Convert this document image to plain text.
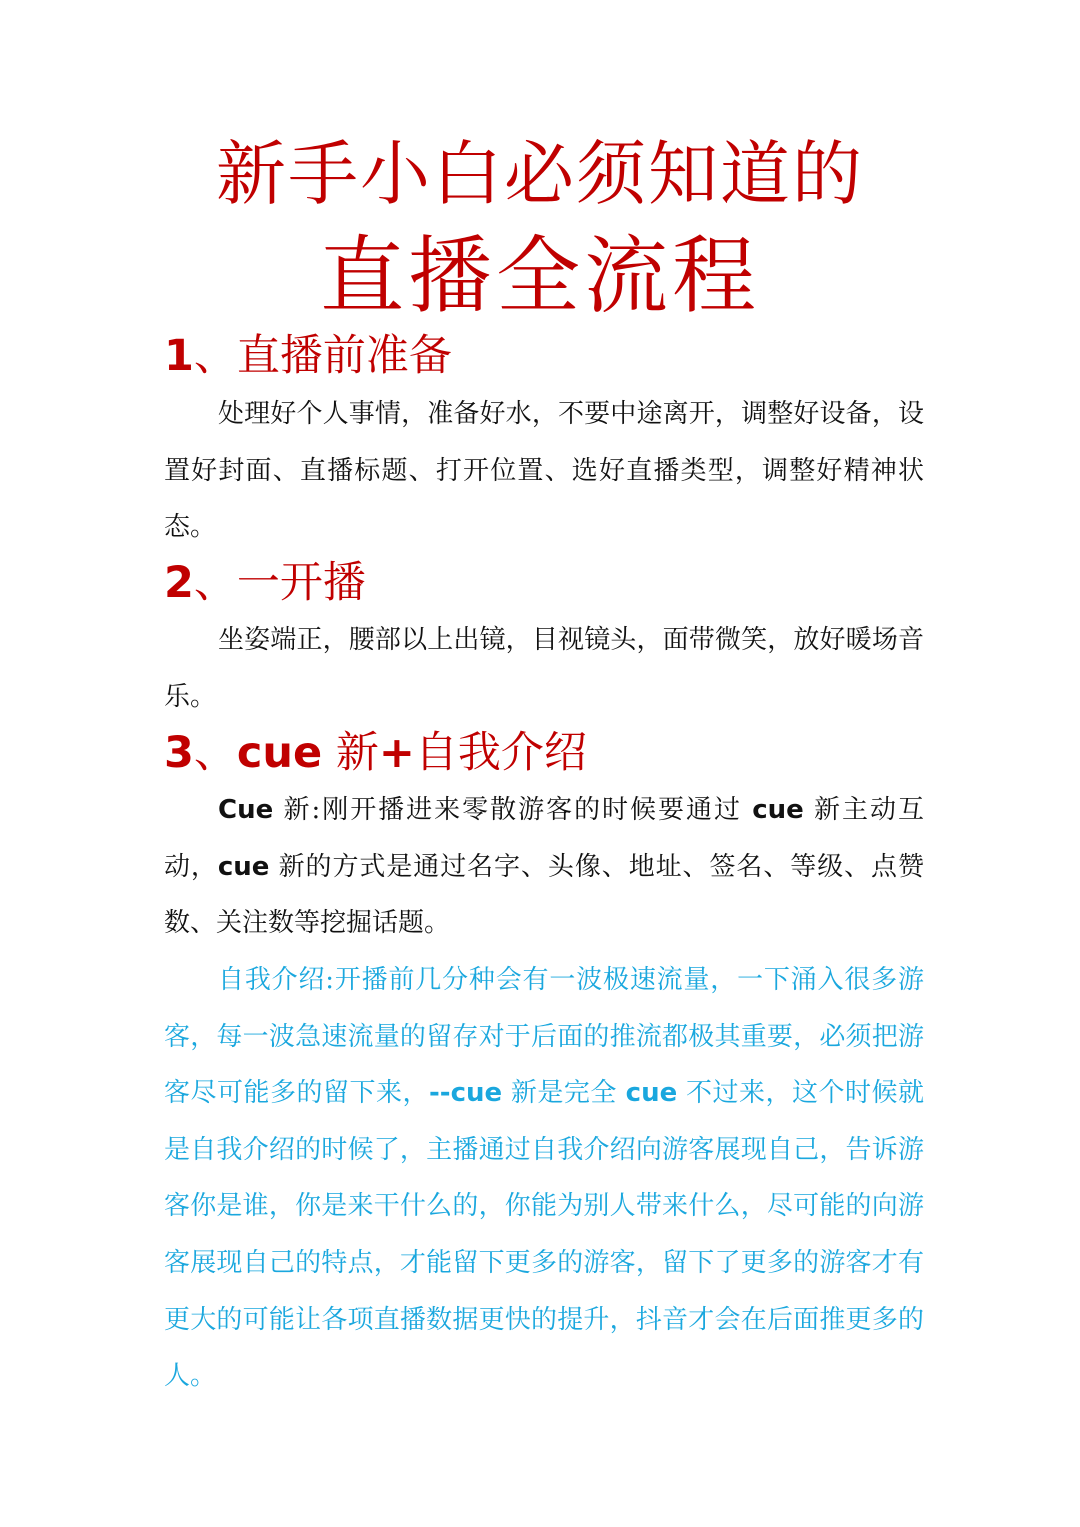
新手小白必须知道的
直播全流程
1、直播前准备
处理好个人事情，准备好水，不要中途离开，调整好设备，设置好封面、直播标题、打开位置、选好直播类型，调整好精神状态。
2、一开播
坐姿端正，腰部以上出镜，目视镜头，面带微笑，放好暖场音乐。
3、cue 新+自我介绍
Cue 新:刚开播进来零散游客的时候要通过 cue 新主动互动，cue 新的方式是通过名字、头像、地址、签名、等级、点赞数、关注数等挖掘话题。
自我介绍:开播前几分种会有一波极速流量，一下涌入很多游客，每一波急速流量的留存对于后面的推流都极其重要，必须把游客尽可能多的留下来，--cue 新是完全 cue 不过来，这个时候就是自我介绍的时候了，主播通过自我介绍向游客展现自己，告诉游客你是谁，你是来干什么的，你能为别人带来什么，尽可能的向游客展现自己的特点，才能留下更多的游客，留下了更多的游客才有更大的可能让各项直播数据更快的提升，抖音才会在后面推更多的人。
